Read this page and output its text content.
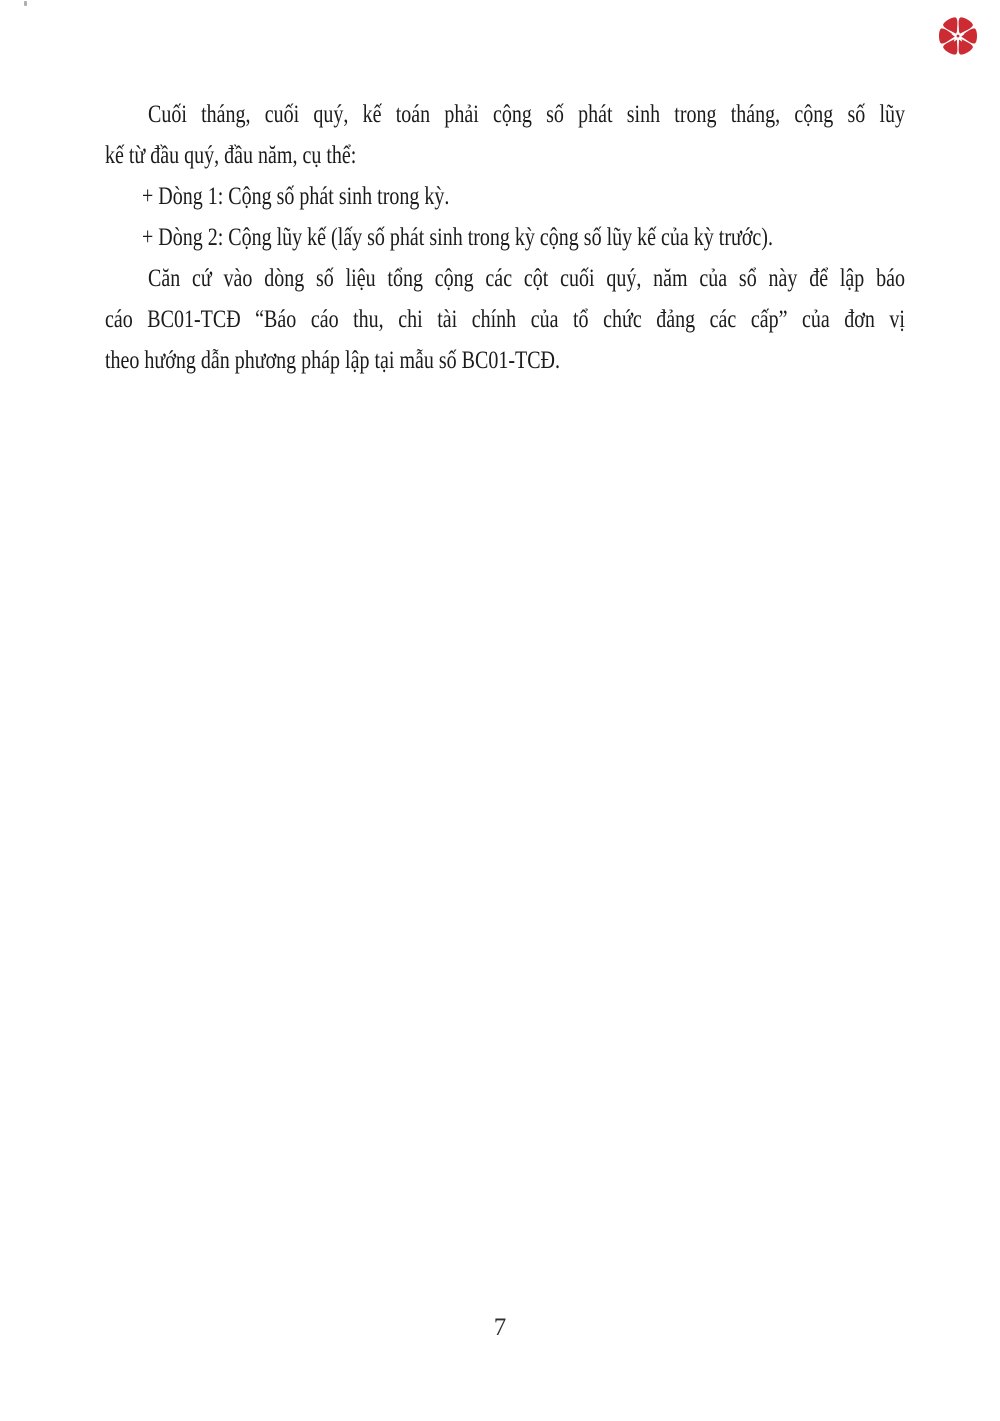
Cuối tháng, cuối quý, kế toán phải cộng số phát sinh trong tháng, cộng số lũy
kế từ đầu quý, đầu năm, cụ thể:
+ Dòng 1: Cộng số phát sinh trong kỳ.
+ Dòng 2: Cộng lũy kế (lấy số phát sinh trong kỳ cộng số lũy kế của kỳ trước).
Căn cứ vào dòng số liệu tổng cộng các cột cuối quý, năm của sổ này để lập báo
cáo BC01-TCĐ “Báo cáo thu, chi tài chính của tổ chức đảng các cấp” của đơn vị
theo hướng dẫn phương pháp lập tại mẫu số BC01-TCĐ.
7
